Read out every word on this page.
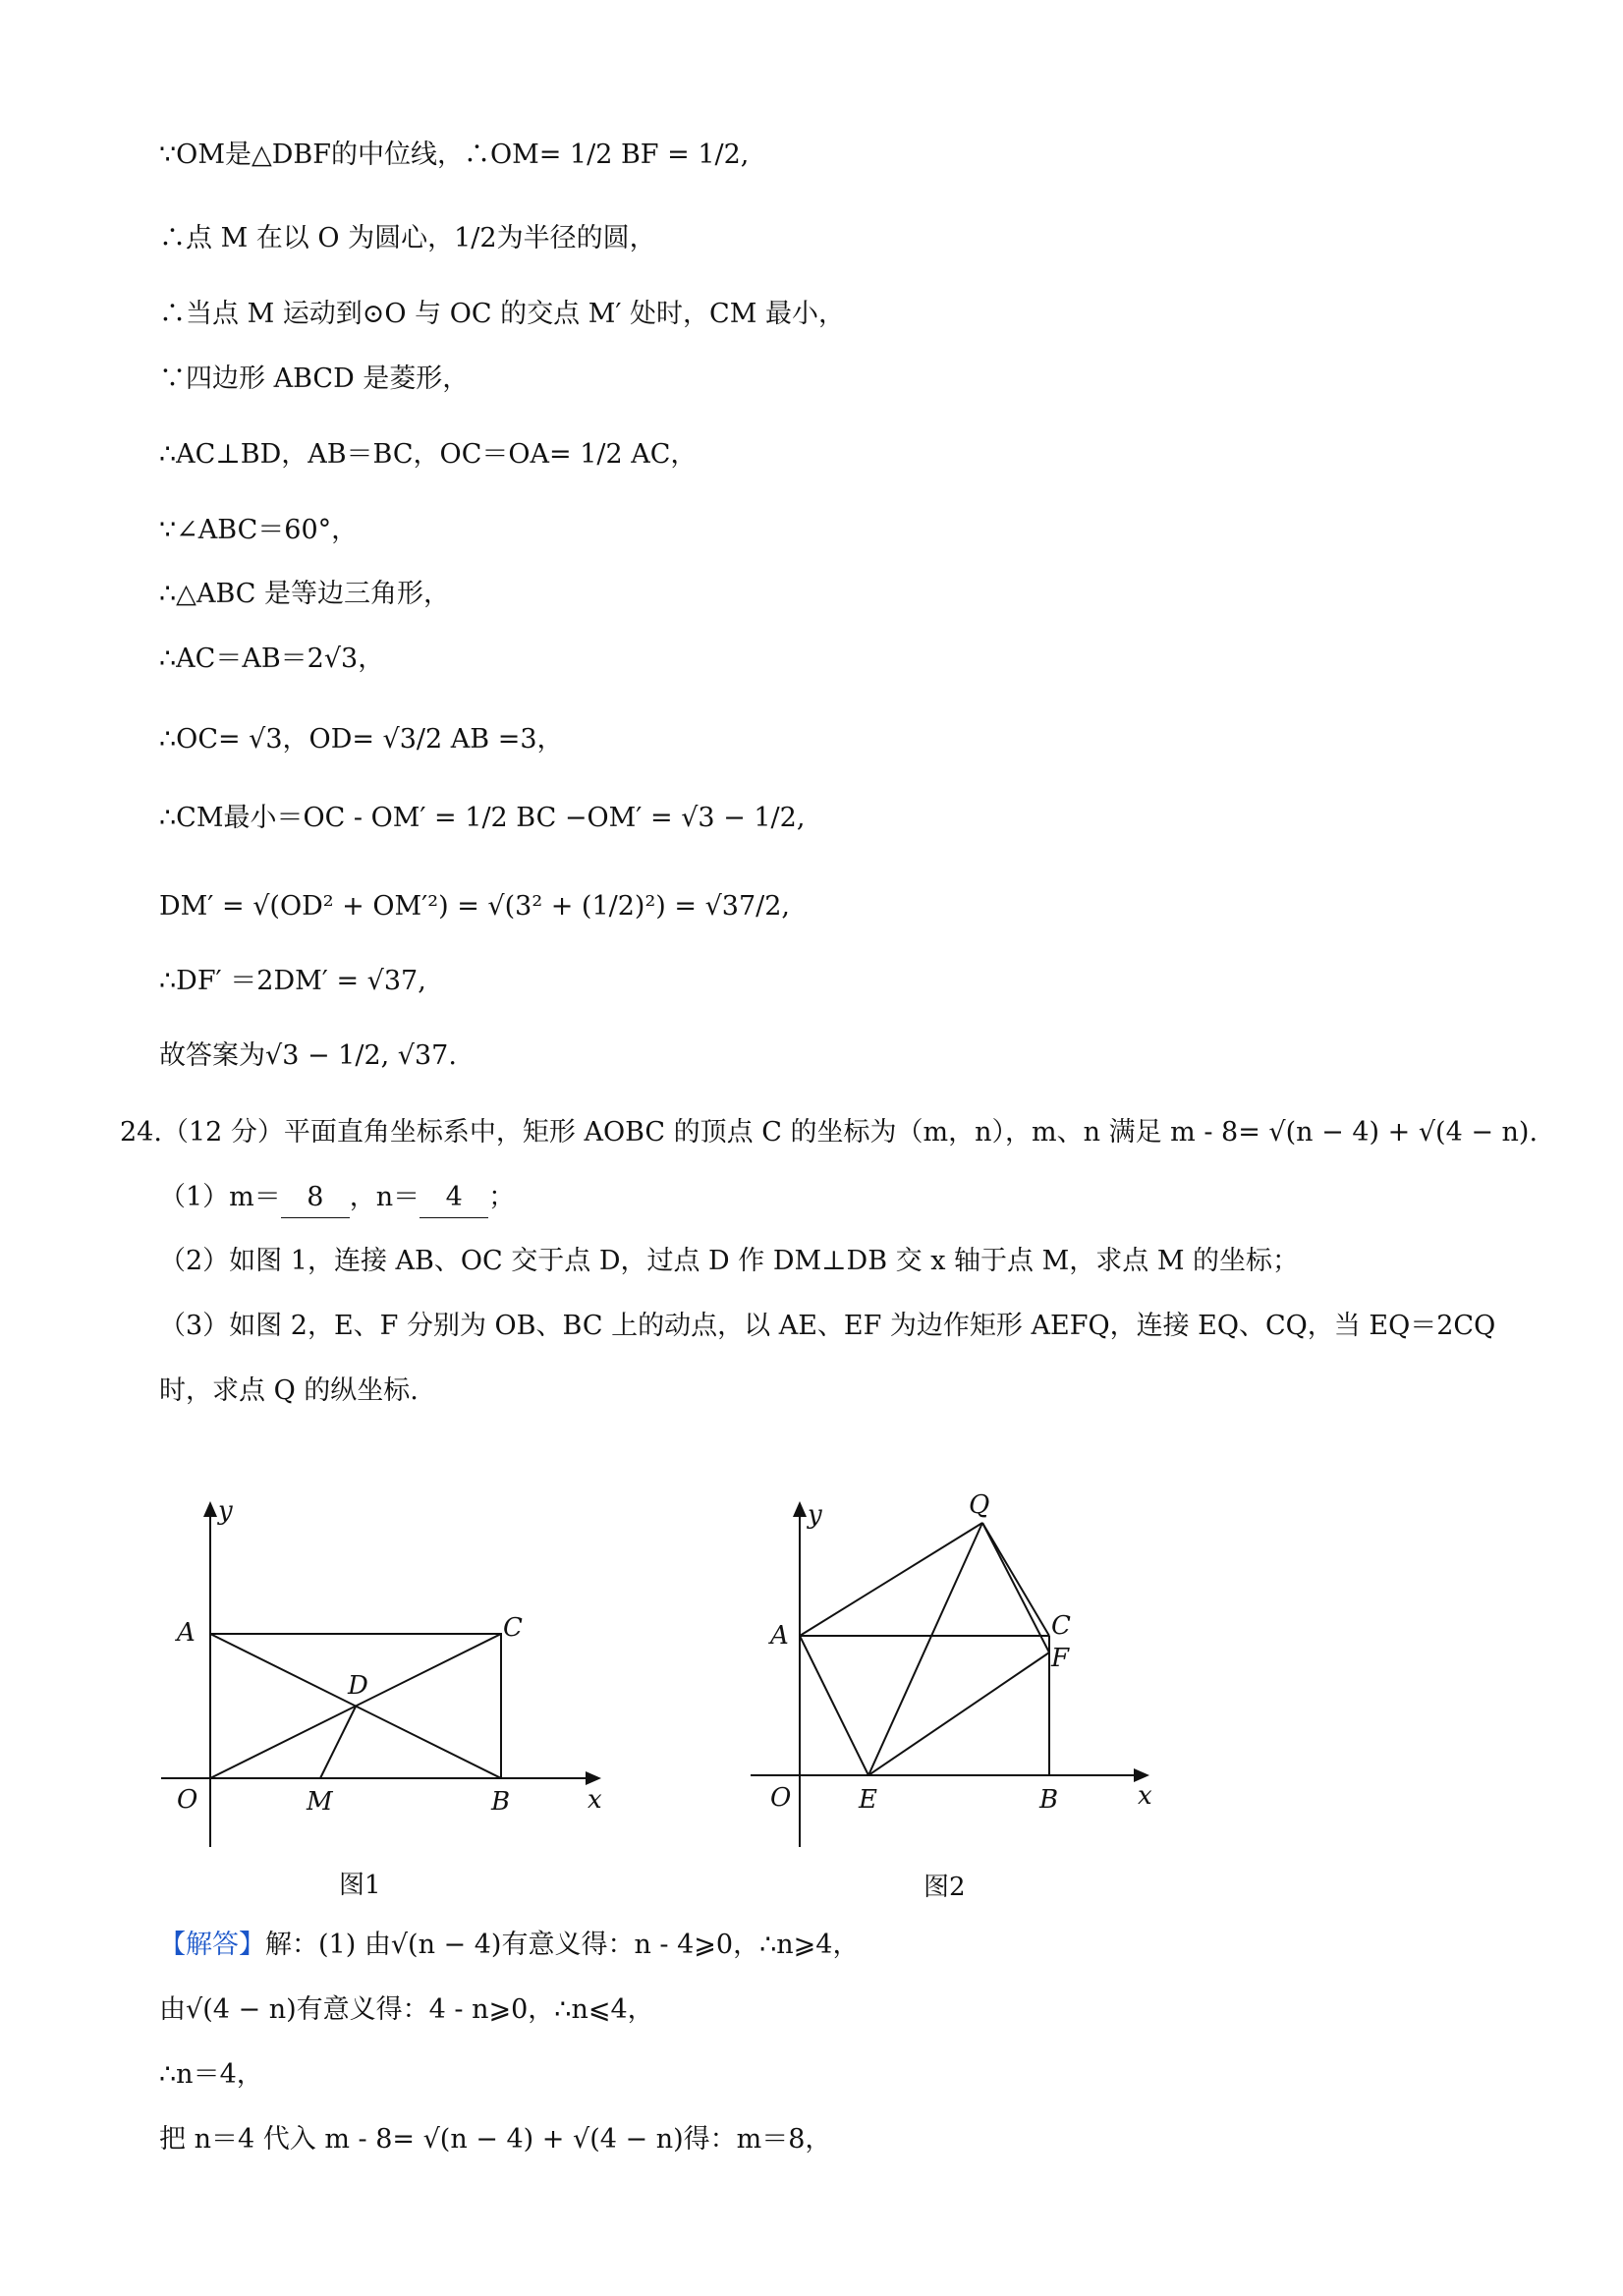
∵OM是△DBF的中位线，∴OM= 1/2 BF = 1/2,
∴点 M 在以 O 为圆心，1/2为半径的圆，
∴当点 M 运动到⊙O 与 OC 的交点 M′ 处时，CM 最小，
∵四边形 ABCD 是菱形，
∴AC⊥BD，AB＝BC，OC＝OA= 1/2 AC，
∵∠ABC＝60°，
∴△ABC 是等边三角形，
∴AC＝AB＝2√3，
∴OC= √3，OD= √3/2 AB =3，
∴CM最小＝OC - OM′ = 1/2 BC −OM′ = √3 − 1/2,
DM′ = √(OD² + OM′²) = √(3² + (1/2)²) = √37/2,
∴DF′ ＝2DM′ = √37,
故答案为√3 − 1/2, √37.
24.（12 分）平面直角坐标系中，矩形 AOBC 的顶点 C 的坐标为（m，n），m、n 满足 m - 8= √(n − 4) + √(4 − n).
（1）m＝ 8 ，n＝ 4 ；
（2）如图 1，连接 AB、OC 交于点 D，过点 D 作 DM⊥DB 交 x 轴于点 M，求点 M 的坐标；
（3）如图 2，E、F 分别为 OB、BC 上的动点，以 AE、EF 为边作矩形 AEFQ，连接 EQ、CQ，当 EQ＝2CQ
时，求点 Q 的纵坐标.
y
x
A	C
D
O	M	B
图1
y
x
Q
A	C
F
O	E	B
图2
【解答】解：(1) 由√(n − 4)有意义得：n - 4⩾0，∴n⩾4，
由√(4 − n)有意义得：4 - n⩾0，∴n⩽4，
∴n＝4，
把 n＝4 代入 m - 8= √(n − 4) + √(4 − n)得：m＝8，
